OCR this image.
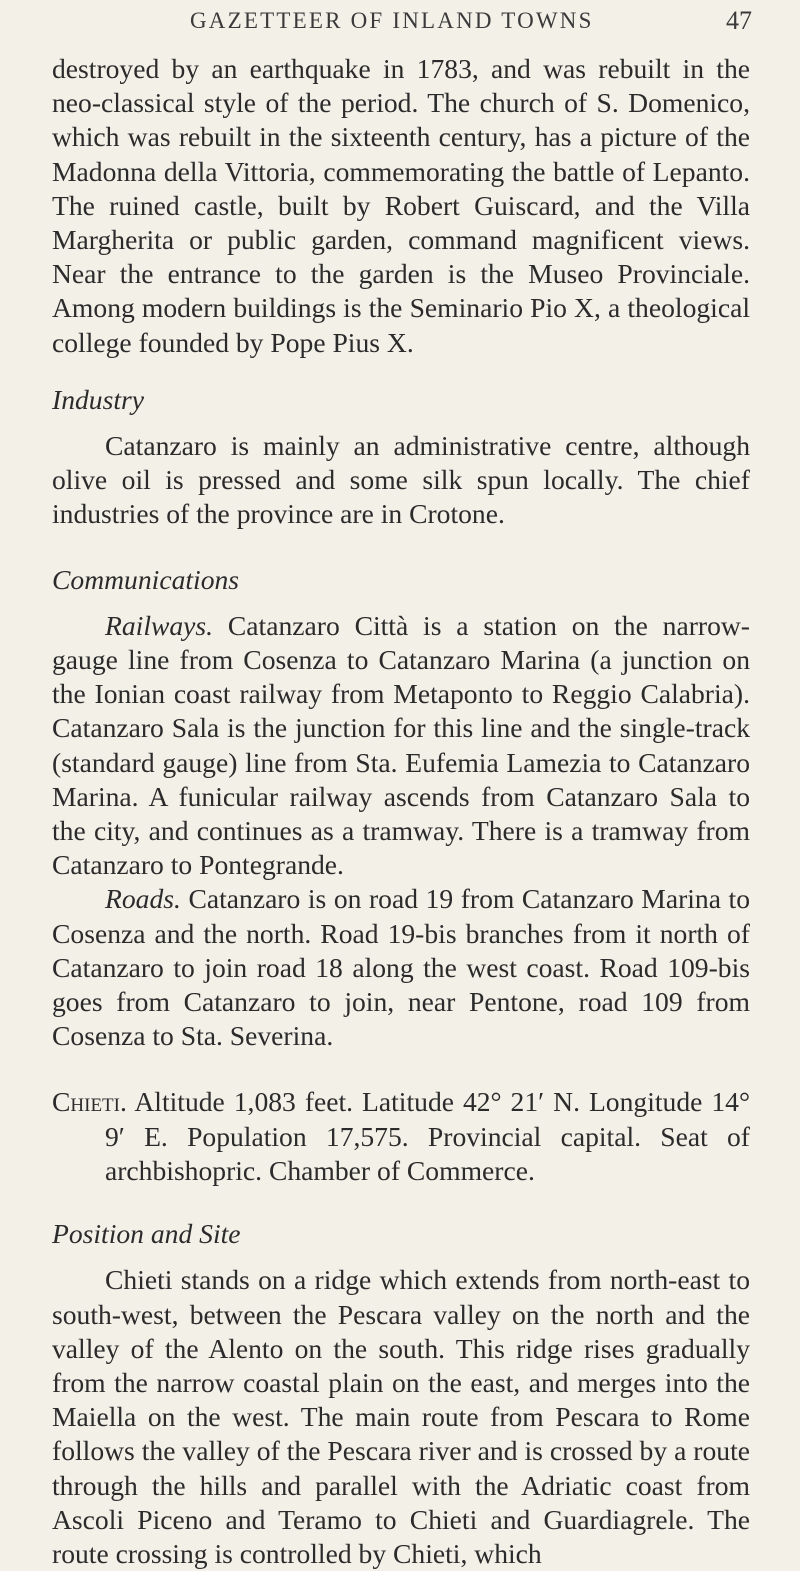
GAZETTEER OF INLAND TOWNS	47

destroyed by an earthquake in 1783, and was rebuilt in the neo-classical style of the period. The church of S. Domenico, which was rebuilt in the sixteenth century, has a picture of the Madonna della Vittoria, commemorating the battle of Lepanto. The ruined castle, built by Robert Guiscard, and the Villa Margherita or public garden, command magnificent views. Near the entrance to the garden is the Museo Provinciale. Among modern buildings is the Seminario Pio X, a theological college founded by Pope Pius X.

Industry

Catanzaro is mainly an administrative centre, although olive oil is pressed and some silk spun locally. The chief industries of the province are in Crotone.

Communications

Railways. Catanzaro Città is a station on the narrow-gauge line from Cosenza to Catanzaro Marina (a junction on the Ionian coast railway from Metaponto to Reggio Calabria). Catanzaro Sala is the junction for this line and the single-track (standard gauge) line from Sta. Eufemia Lamezia to Catanzaro Marina. A funicular railway ascends from Catanzaro Sala to the city, and continues as a tramway. There is a tramway from Catanzaro to Pontegrande.

Roads. Catanzaro is on road 19 from Catanzaro Marina to Cosenza and the north. Road 19-bis branches from it north of Catanzaro to join road 18 along the west coast. Road 109-bis goes from Catanzaro to join, near Pentone, road 109 from Cosenza to Sta. Severina.

Chieti. Altitude 1,083 feet. Latitude 42° 21′ N. Longitude 14° 9′ E. Population 17,575. Provincial capital. Seat of archbishopric. Chamber of Commerce.

Position and Site

Chieti stands on a ridge which extends from north-east to south-west, between the Pescara valley on the north and the valley of the Alento on the south. This ridge rises gradually from the narrow coastal plain on the east, and merges into the Maiella on the west. The main route from Pescara to Rome follows the valley of the Pescara river and is crossed by a route through the hills and parallel with the Adriatic coast from Ascoli Piceno and Teramo to Chieti and Guardiagrele. The route crossing is controlled by Chieti, which
